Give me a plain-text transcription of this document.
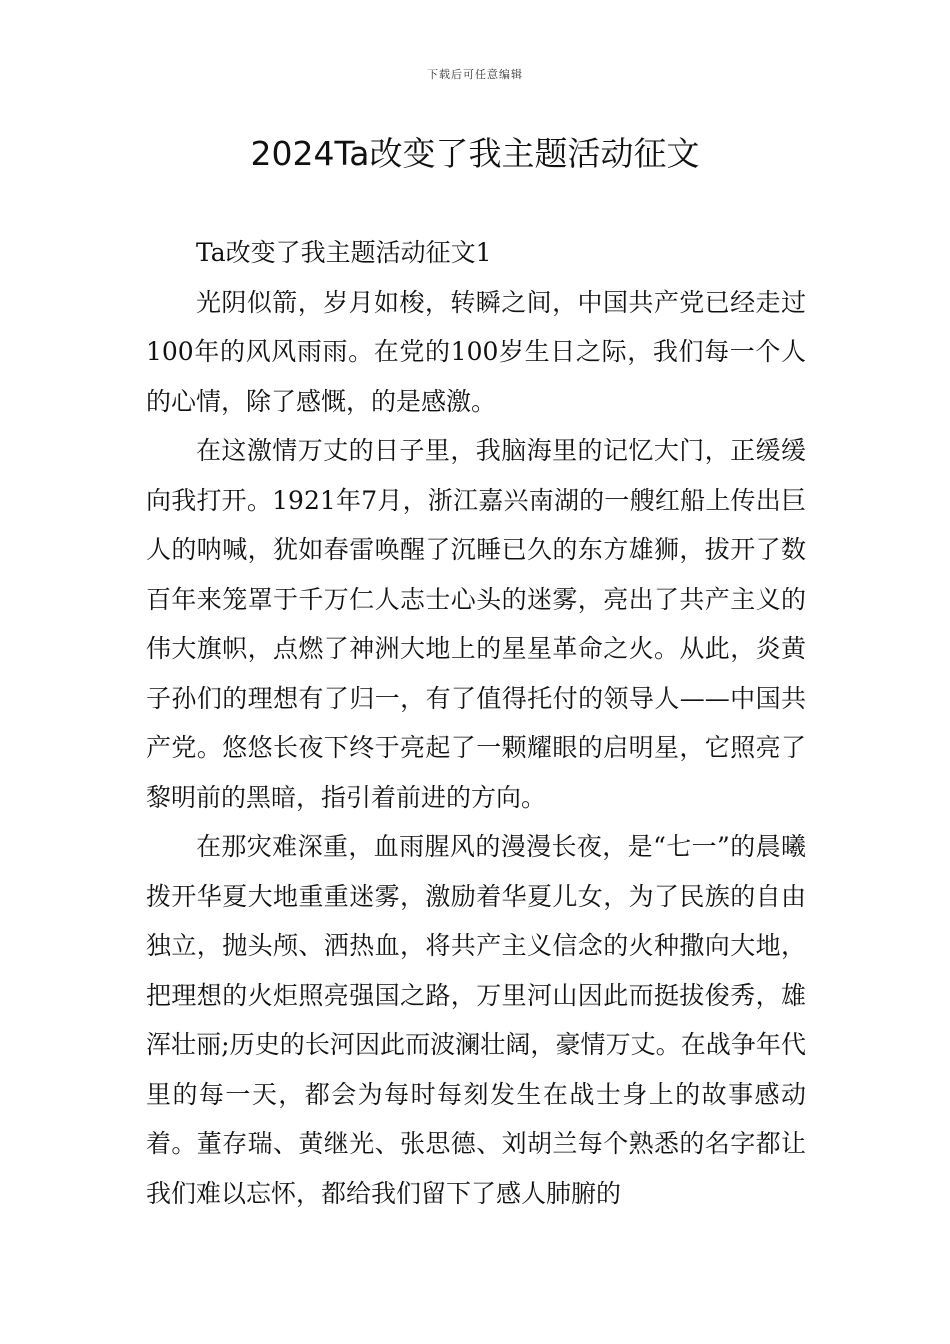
下载后可任意编辑
2024Ta改变了我主题活动征文

Ta改变了我主题活动征文1

光阴似箭，岁月如梭，转瞬之间，中国共产党已经走过100年的风风雨雨。在党的100岁生日之际，我们每一个人的心情，除了感慨，的是感激。

在这激情万丈的日子里，我脑海里的记忆大门，正缓缓向我打开。1921年7月，浙江嘉兴南湖的一艘红船上传出巨人的呐喊，犹如春雷唤醒了沉睡已久的东方雄狮，拔开了数百年来笼罩于千万仁人志士心头的迷雾，亮出了共产主义的伟大旗帜，点燃了神洲大地上的星星革命之火。从此，炎黄子孙们的理想有了归一，有了值得托付的领导人——中国共产党。悠悠长夜下终于亮起了一颗耀眼的启明星，它照亮了黎明前的黑暗，指引着前进的方向。

在那灾难深重，血雨腥风的漫漫长夜，是“七一”的晨曦拨开华夏大地重重迷雾，激励着华夏儿女，为了民族的自由独立，抛头颅、洒热血，将共产主义信念的火种撒向大地，把理想的火炬照亮强国之路，万里河山因此而挺拔俊秀，雄浑壮丽;历史的长河因此而波澜壮阔，豪情万丈。在战争年代里的每一天，都会为每时每刻发生在战士身上的故事感动着。董存瑞、黄继光、张思德、刘胡兰每个熟悉的名字都让我们难以忘怀，都给我们留下了感人肺腑的
